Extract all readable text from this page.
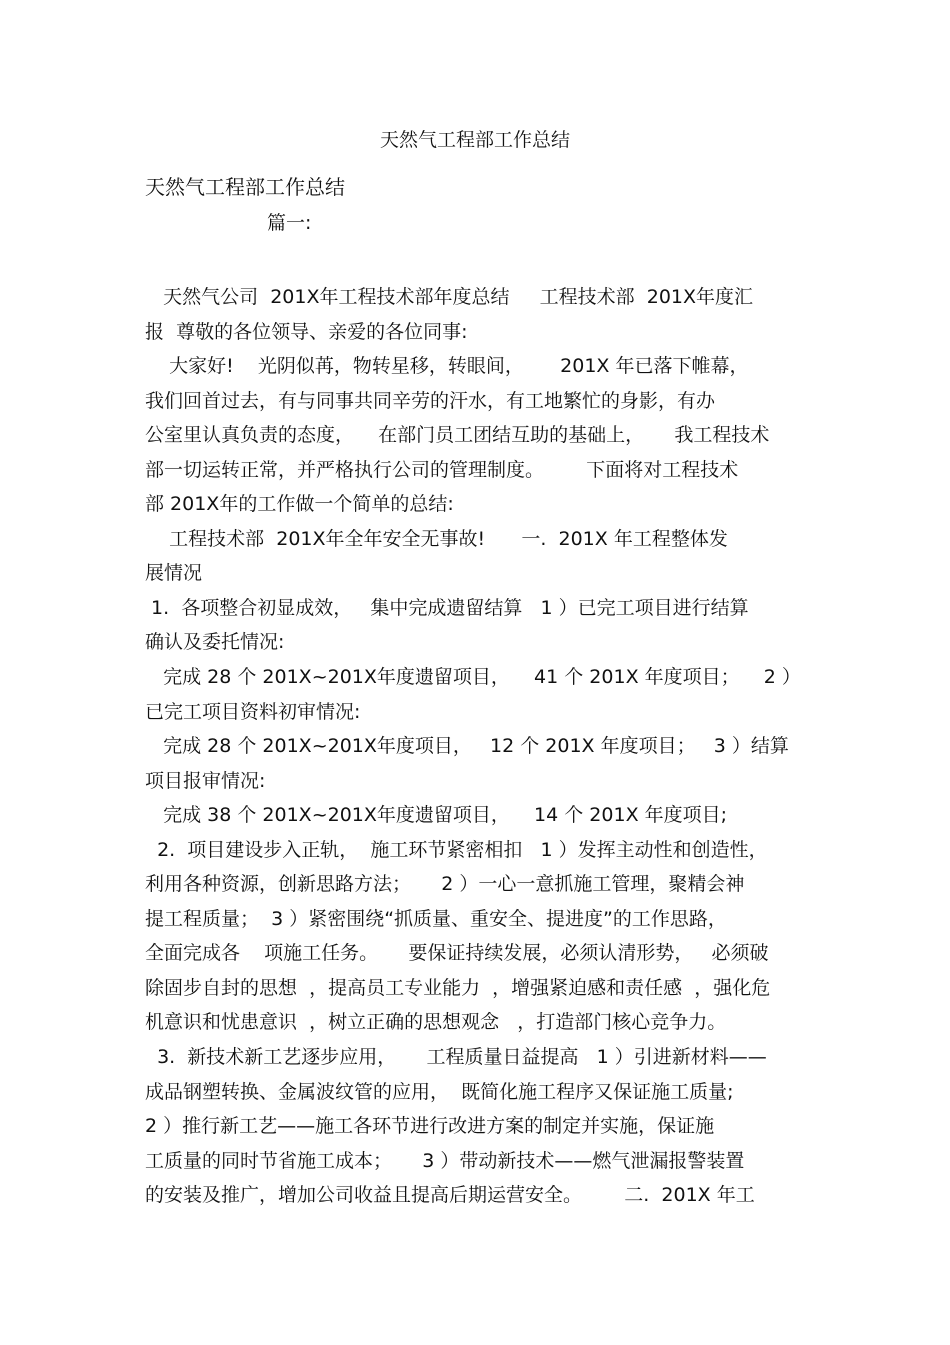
天然气工程部工作总结
天然气工程部工作总结
篇一:
天然气公司  201X年工程技术部年度总结     工程技术部  201X年度汇
报  尊敬的各位领导、亲爱的各位同事:
大家好!    光阴似苒，物转星移，转眼间，      201X 年已落下帷幕，
我们回首过去，有与同事共同辛劳的汗水，有工地繁忙的身影，有办
公室里认真负责的态度，    在部门员工团结互助的基础上，     我工程技术
部一切运转正常，并严格执行公司的管理制度。       下面将对工程技术
部 201X年的工作做一个简单的总结:
工程技术部  201X年全年安全无事故!      一.  201X 年工程整体发
展情况
1.  各项整合初显成效，   集中完成遗留结算   1 ）已完工项目进行结算
确认及委托情况:
完成 28 个 201X~201X年度遗留项目，    41 个 201X 年度项目；    2 ）
已完工项目资料初审情况:
完成 28 个 201X~201X年度项目，   12 个 201X 年度项目；   3 ）结算
项目报审情况:
完成 38 个 201X~201X年度遗留项目，    14 个 201X 年度项目;
2.  项目建设步入正轨，  施工环节紧密相扣   1 ）发挥主动性和创造性，
利用各种资源，创新思路方法；     2 ）一心一意抓施工管理，聚精会神
提工程质量；  3 ）紧密围绕“抓质量、重安全、提进度”的工作思路，
全面完成各    项施工任务。     要保证持续发展，必须认清形势，   必须破
除固步自封的思想  ，提高员工专业能力  ，增强紧迫感和责任感  ，强化危
机意识和忧患意识  ，树立正确的思想观念   ，打造部门核心竞争力。
3.  新技术新工艺逐步应用，     工程质量日益提高   1 ）引进新材料——
成品钢塑转换、金属波纹管的应用，  既简化施工程序又保证施工质量;
2 ）推行新工艺——施工各环节进行改进方案的制定并实施，保证施
工质量的同时节省施工成本；     3 ）带动新技术——燃气泄漏报警装置
的安装及推广，增加公司收益且提高后期运营安全。       二.  201X 年工
